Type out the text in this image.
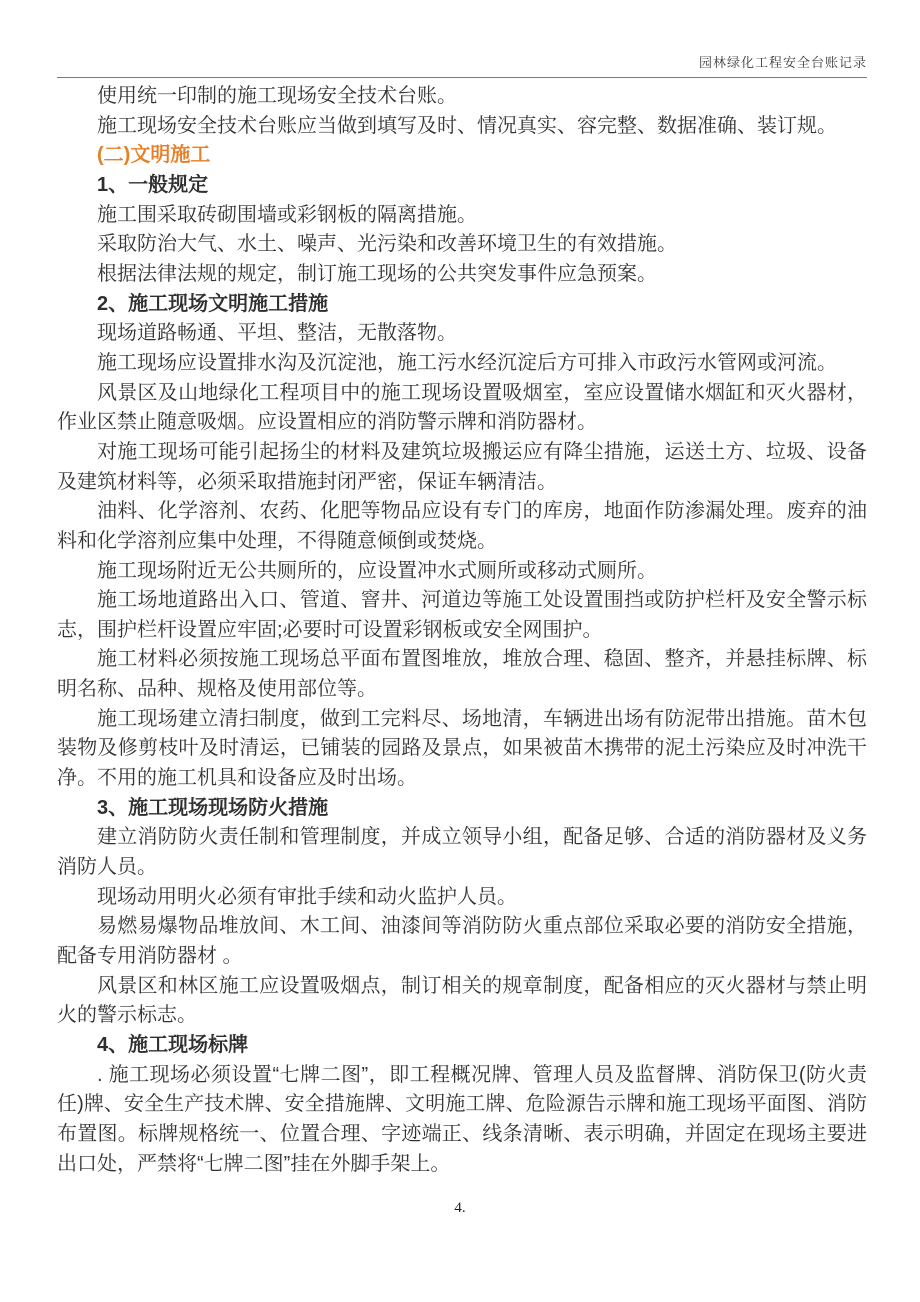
园林绿化工程安全台账记录

使用统一印制的施工现场安全技术台账。

施工现场安全技术台账应当做到填写及时、情况真实、容完整、数据准确、装订规。

(二)文明施工

1、一般规定

施工围采取砖砌围墙或彩钢板的隔离措施。

采取防治大气、水土、噪声、光污染和改善环境卫生的有效措施。

根据法律法规的规定，制订施工现场的公共突发事件应急预案。

2、施工现场文明施工措施

现场道路畅通、平坦、整洁，无散落物。

施工现场应设置排水沟及沉淀池，施工污水经沉淀后方可排入市政污水管网或河流。

风景区及山地绿化工程项目中的施工现场设置吸烟室，室应设置储水烟缸和灭火器材，作业区禁止随意吸烟。应设置相应的消防警示牌和消防器材。

对施工现场可能引起扬尘的材料及建筑垃圾搬运应有降尘措施，运送土方、垃圾、设备及建筑材料等，必须采取措施封闭严密，保证车辆清洁。

油料、化学溶剂、农药、化肥等物品应设有专门的库房，地面作防渗漏处理。废弃的油料和化学溶剂应集中处理，不得随意倾倒或焚烧。

施工现场附近无公共厕所的，应设置冲水式厕所或移动式厕所。

施工场地道路出入口、管道、窨井、河道边等施工处设置围挡或防护栏杆及安全警示标志，围护栏杆设置应牢固;必要时可设置彩钢板或安全网围护。

施工材料必须按施工现场总平面布置图堆放，堆放合理、稳固、整齐，并悬挂标牌、标明名称、品种、规格及使用部位等。

施工现场建立清扫制度，做到工完料尽、场地清，车辆进出场有防泥带出措施。苗木包装物及修剪枝叶及时清运，已铺装的园路及景点，如果被苗木携带的泥土污染应及时冲洗干净。不用的施工机具和设备应及时出场。

3、施工现场现场防火措施

建立消防防火责任制和管理制度，并成立领导小组，配备足够、合适的消防器材及义务消防人员。

现场动用明火必须有审批手续和动火监护人员。

易燃易爆物品堆放间、木工间、油漆间等消防防火重点部位采取必要的消防安全措施，配备专用消防器材 。

风景区和林区施工应设置吸烟点，制订相关的规章制度，配备相应的灭火器材与禁止明火的警示标志。

4、施工现场标牌

. 施工现场必须设置“七牌二图”，即工程概况牌、管理人员及监督牌、消防保卫(防火责任)牌、安全生产技术牌、安全措施牌、文明施工牌、危险源告示牌和施工现场平面图、消防布置图。标牌规格统一、位置合理、字迹端正、线条清晰、表示明确，并固定在现场主要进出口处，严禁将“七牌二图”挂在外脚手架上。

4.
